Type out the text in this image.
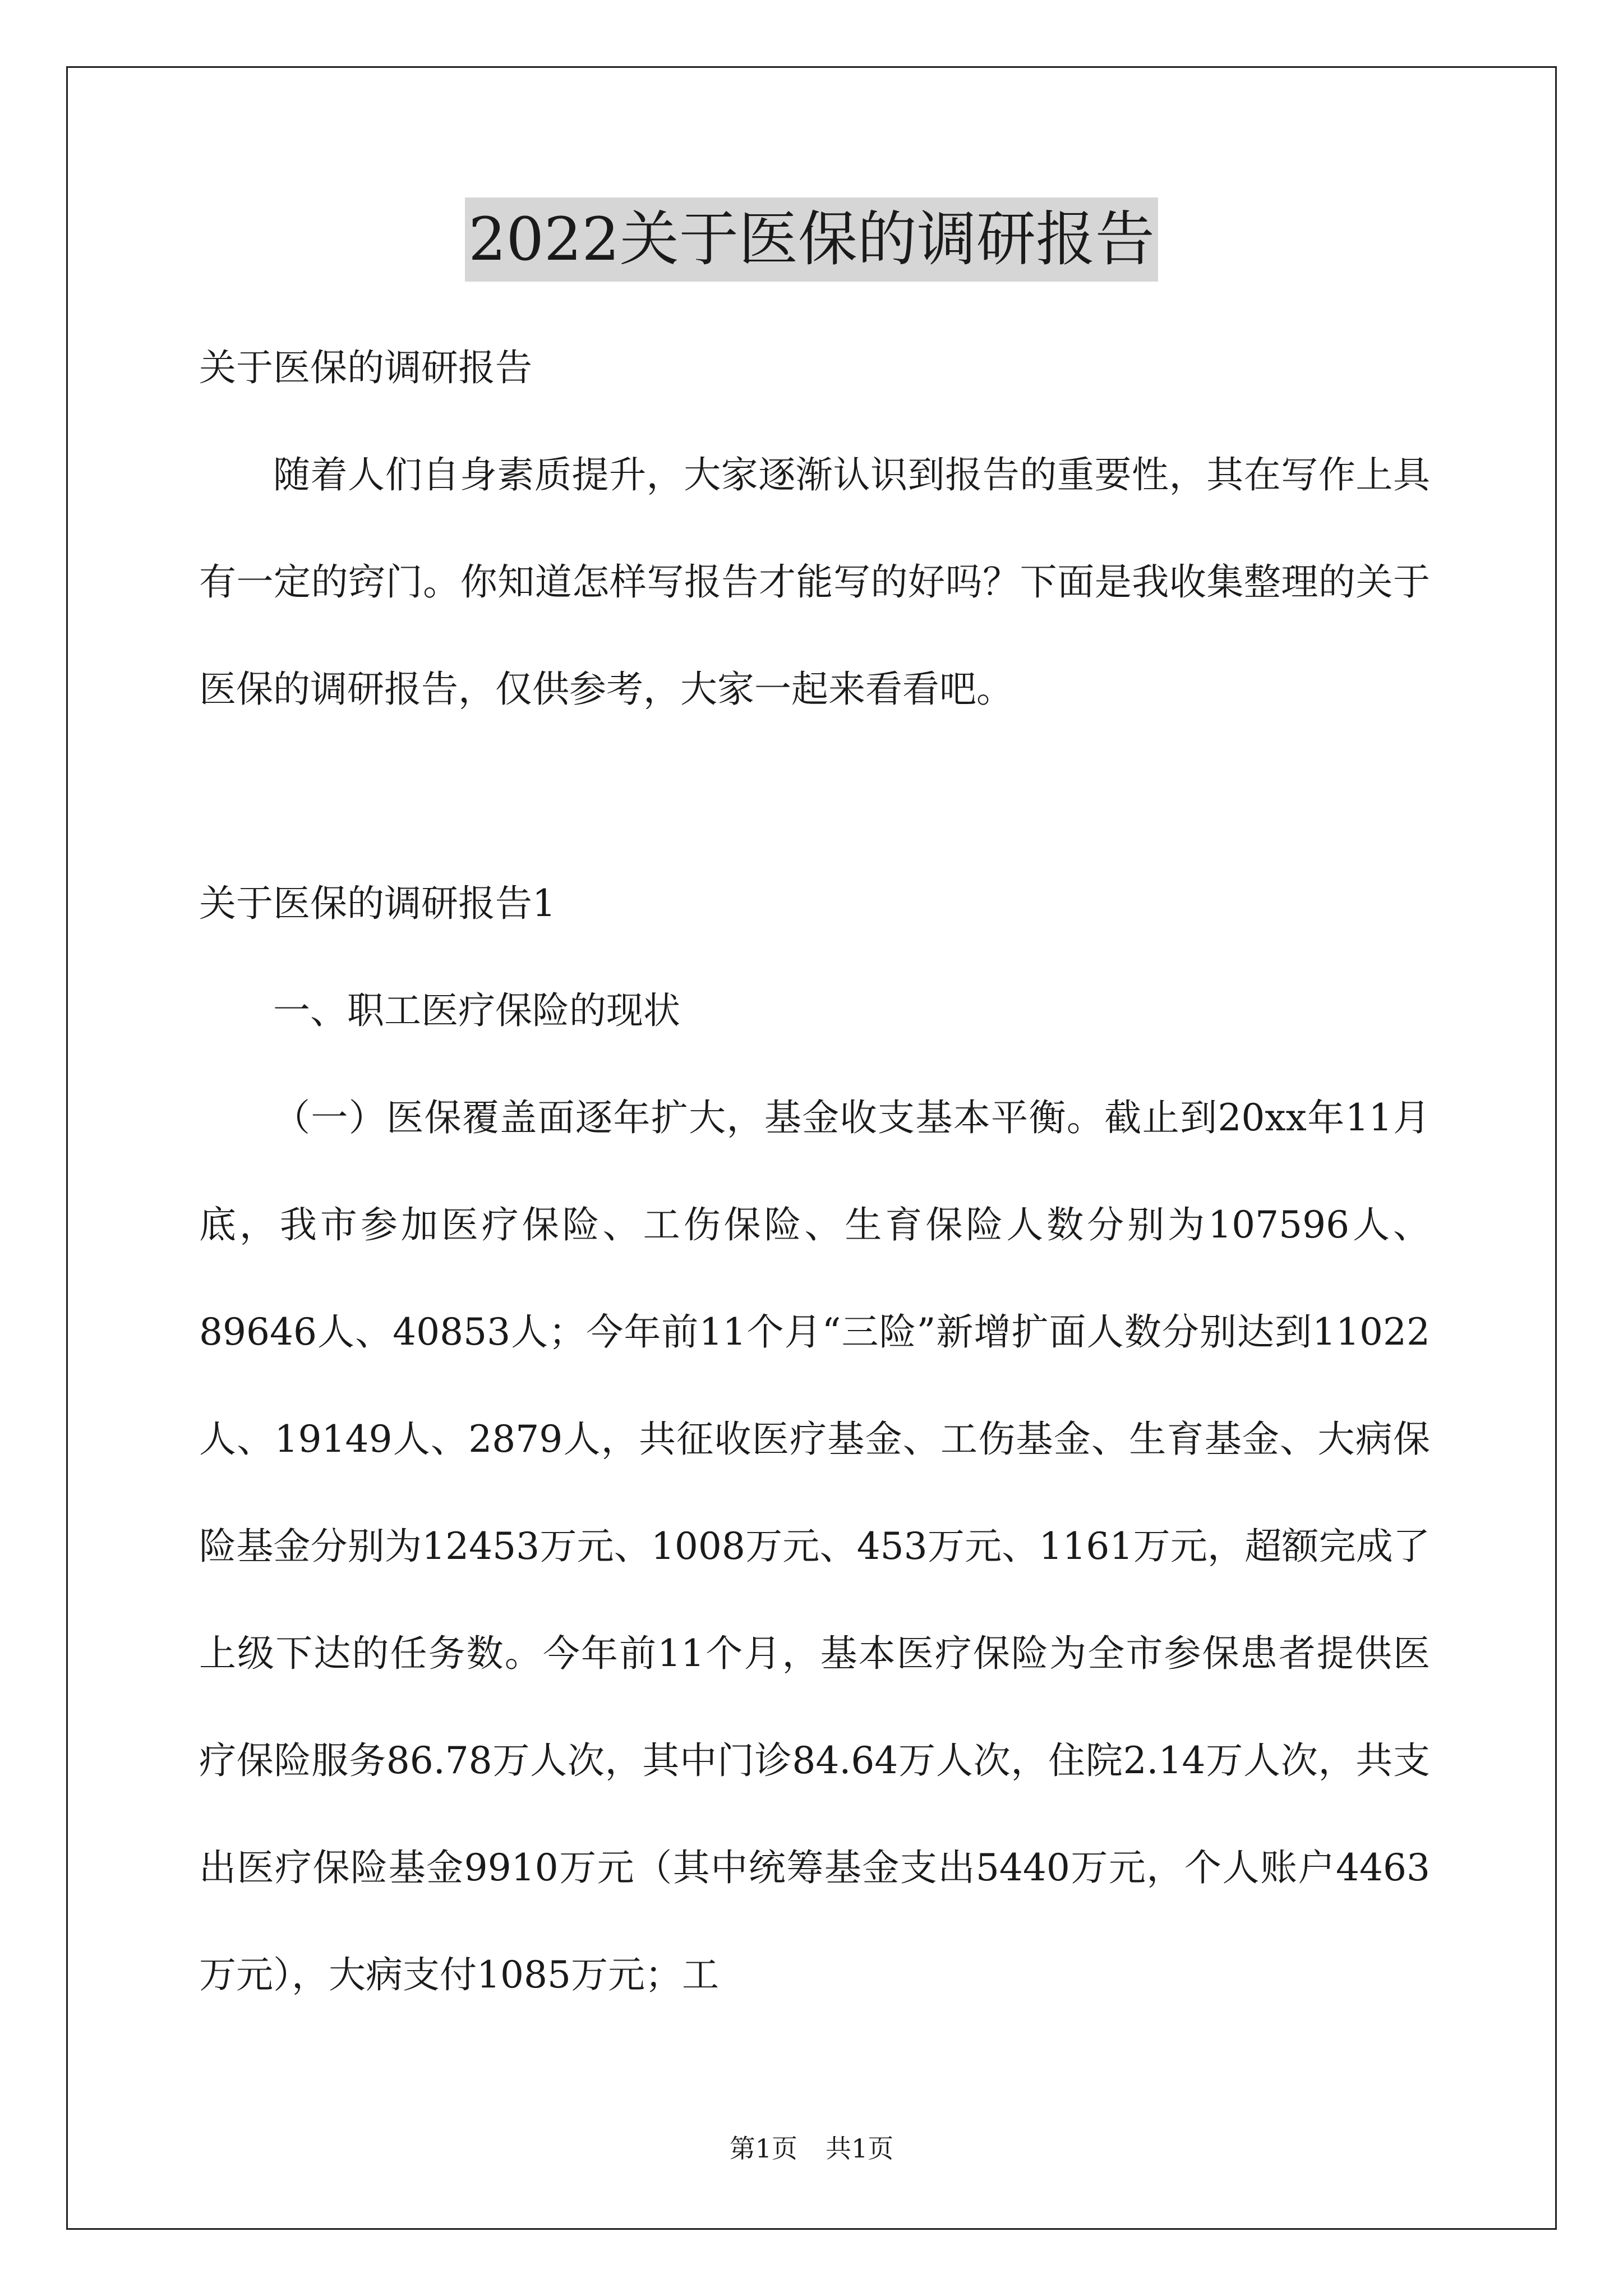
2022关于医保的调研报告

关于医保的调研报告

随着人们自身素质提升，大家逐渐认识到报告的重要性，其在写作上具有一定的窍门。你知道怎样写报告才能写的好吗？下面是我收集整理的关于医保的调研报告，仅供参考，大家一起来看看吧。

关于医保的调研报告1

一、职工医疗保险的现状

（一）医保覆盖面逐年扩大，基金收支基本平衡。截止到20xx年11月底，我市参加医疗保险、工伤保险、生育保险人数分别为107596人、89646人、40853人；今年前11个月“三险”新增扩面人数分别达到11022人、19149人、2879人，共征收医疗基金、工伤基金、生育基金、大病保险基金分别为12453万元、1008万元、453万元、1161万元，超额完成了上级下达的任务数。今年前11个月，基本医疗保险为全市参保患者提供医疗保险服务86.78万人次，其中门诊84.64万人次，住院2.14万人次，共支出医疗保险基金9910万元（其中统筹基金支出5440万元，个人账户4463万元），大病支付1085万元；工

第1页 共1页
